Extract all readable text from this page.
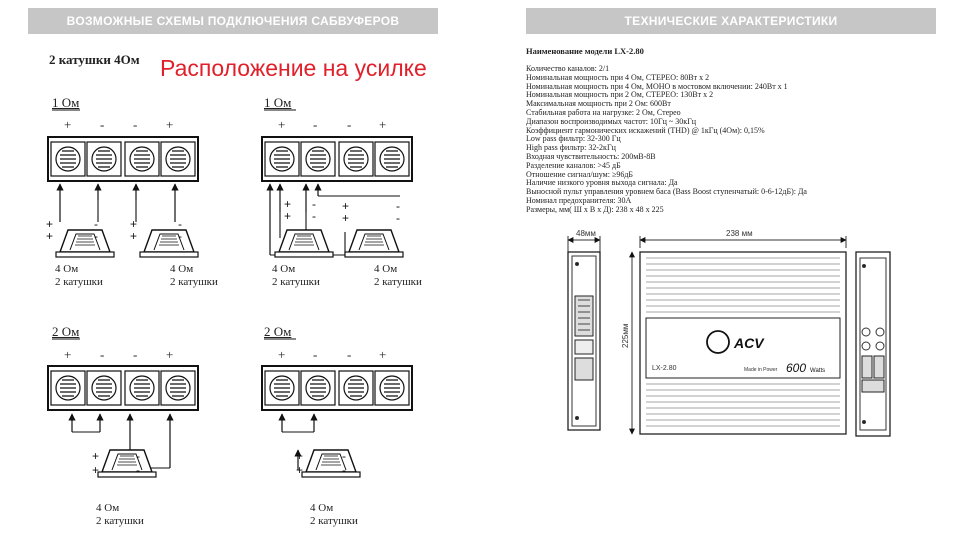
ВОЗМОЖНЫЕ СХЕМЫ ПОДКЛЮЧЕНИЯ САБВУФЕРОВ	ТЕХНИЧЕСКИЕ ХАРАКТЕРИСТИКИ
2 катушки 4Ом Расположение на усилке
1 Ом	1 Ом
2 Ом	2 Ом
+ - - +	+ - - +
+ - - +	+ - - +
4 Ом
2 катушки
4 Ом
2 катушки
4 Ом
2 катушки
4 Ом
2 катушки
4 Ом
2 катушки
4 Ом
2 катушки
Наименование модели LX-2.80
Количество каналов: 2/1
Номинальная мощность при 4 Ом, СТЕРЕО: 80Вт х 2
Номинальная мощность при 4 Ом, МОНО в мостовом включении: 240Вт х 1
Номинальная мощность при 2 Ом, СТЕРЕО: 130Вт х 2
Максимальная мощность при 2 Ом: 600Вт
Стабильная работа на нагрузке: 2 Ом, Стерео
Диапазон воспроизводимых частот: 10Гц ~ 30кГц
Коэффициент гармонических искажений (THD) @ 1кГц (4Ом): 0,15%
Low pass фильтр: 32-300 Гц
High pass фильтр: 32-2кГц
Входная чувствительность: 200мВ-8В
Разделение каналов: >45 дБ
Отношение сигнал/шум: ≥96дБ
Наличие низкого уровня выхода сигнала: Да
Выносной пульт управления уровнем баса (Bass Boost ступенчатый: 0-6-12дБ): Да
Номинал предохранителя: 30А
Размеры, мм( Ш х В х Д): 238 х 48 х 225
+
+
-
-
+
+
-
-
+
+
-
-
+
+
-
-
+
+
-
-
+
+
-
-
48мм	238 мм
225мм	ACV
LX-2.80	Made in Power 600 Watts
